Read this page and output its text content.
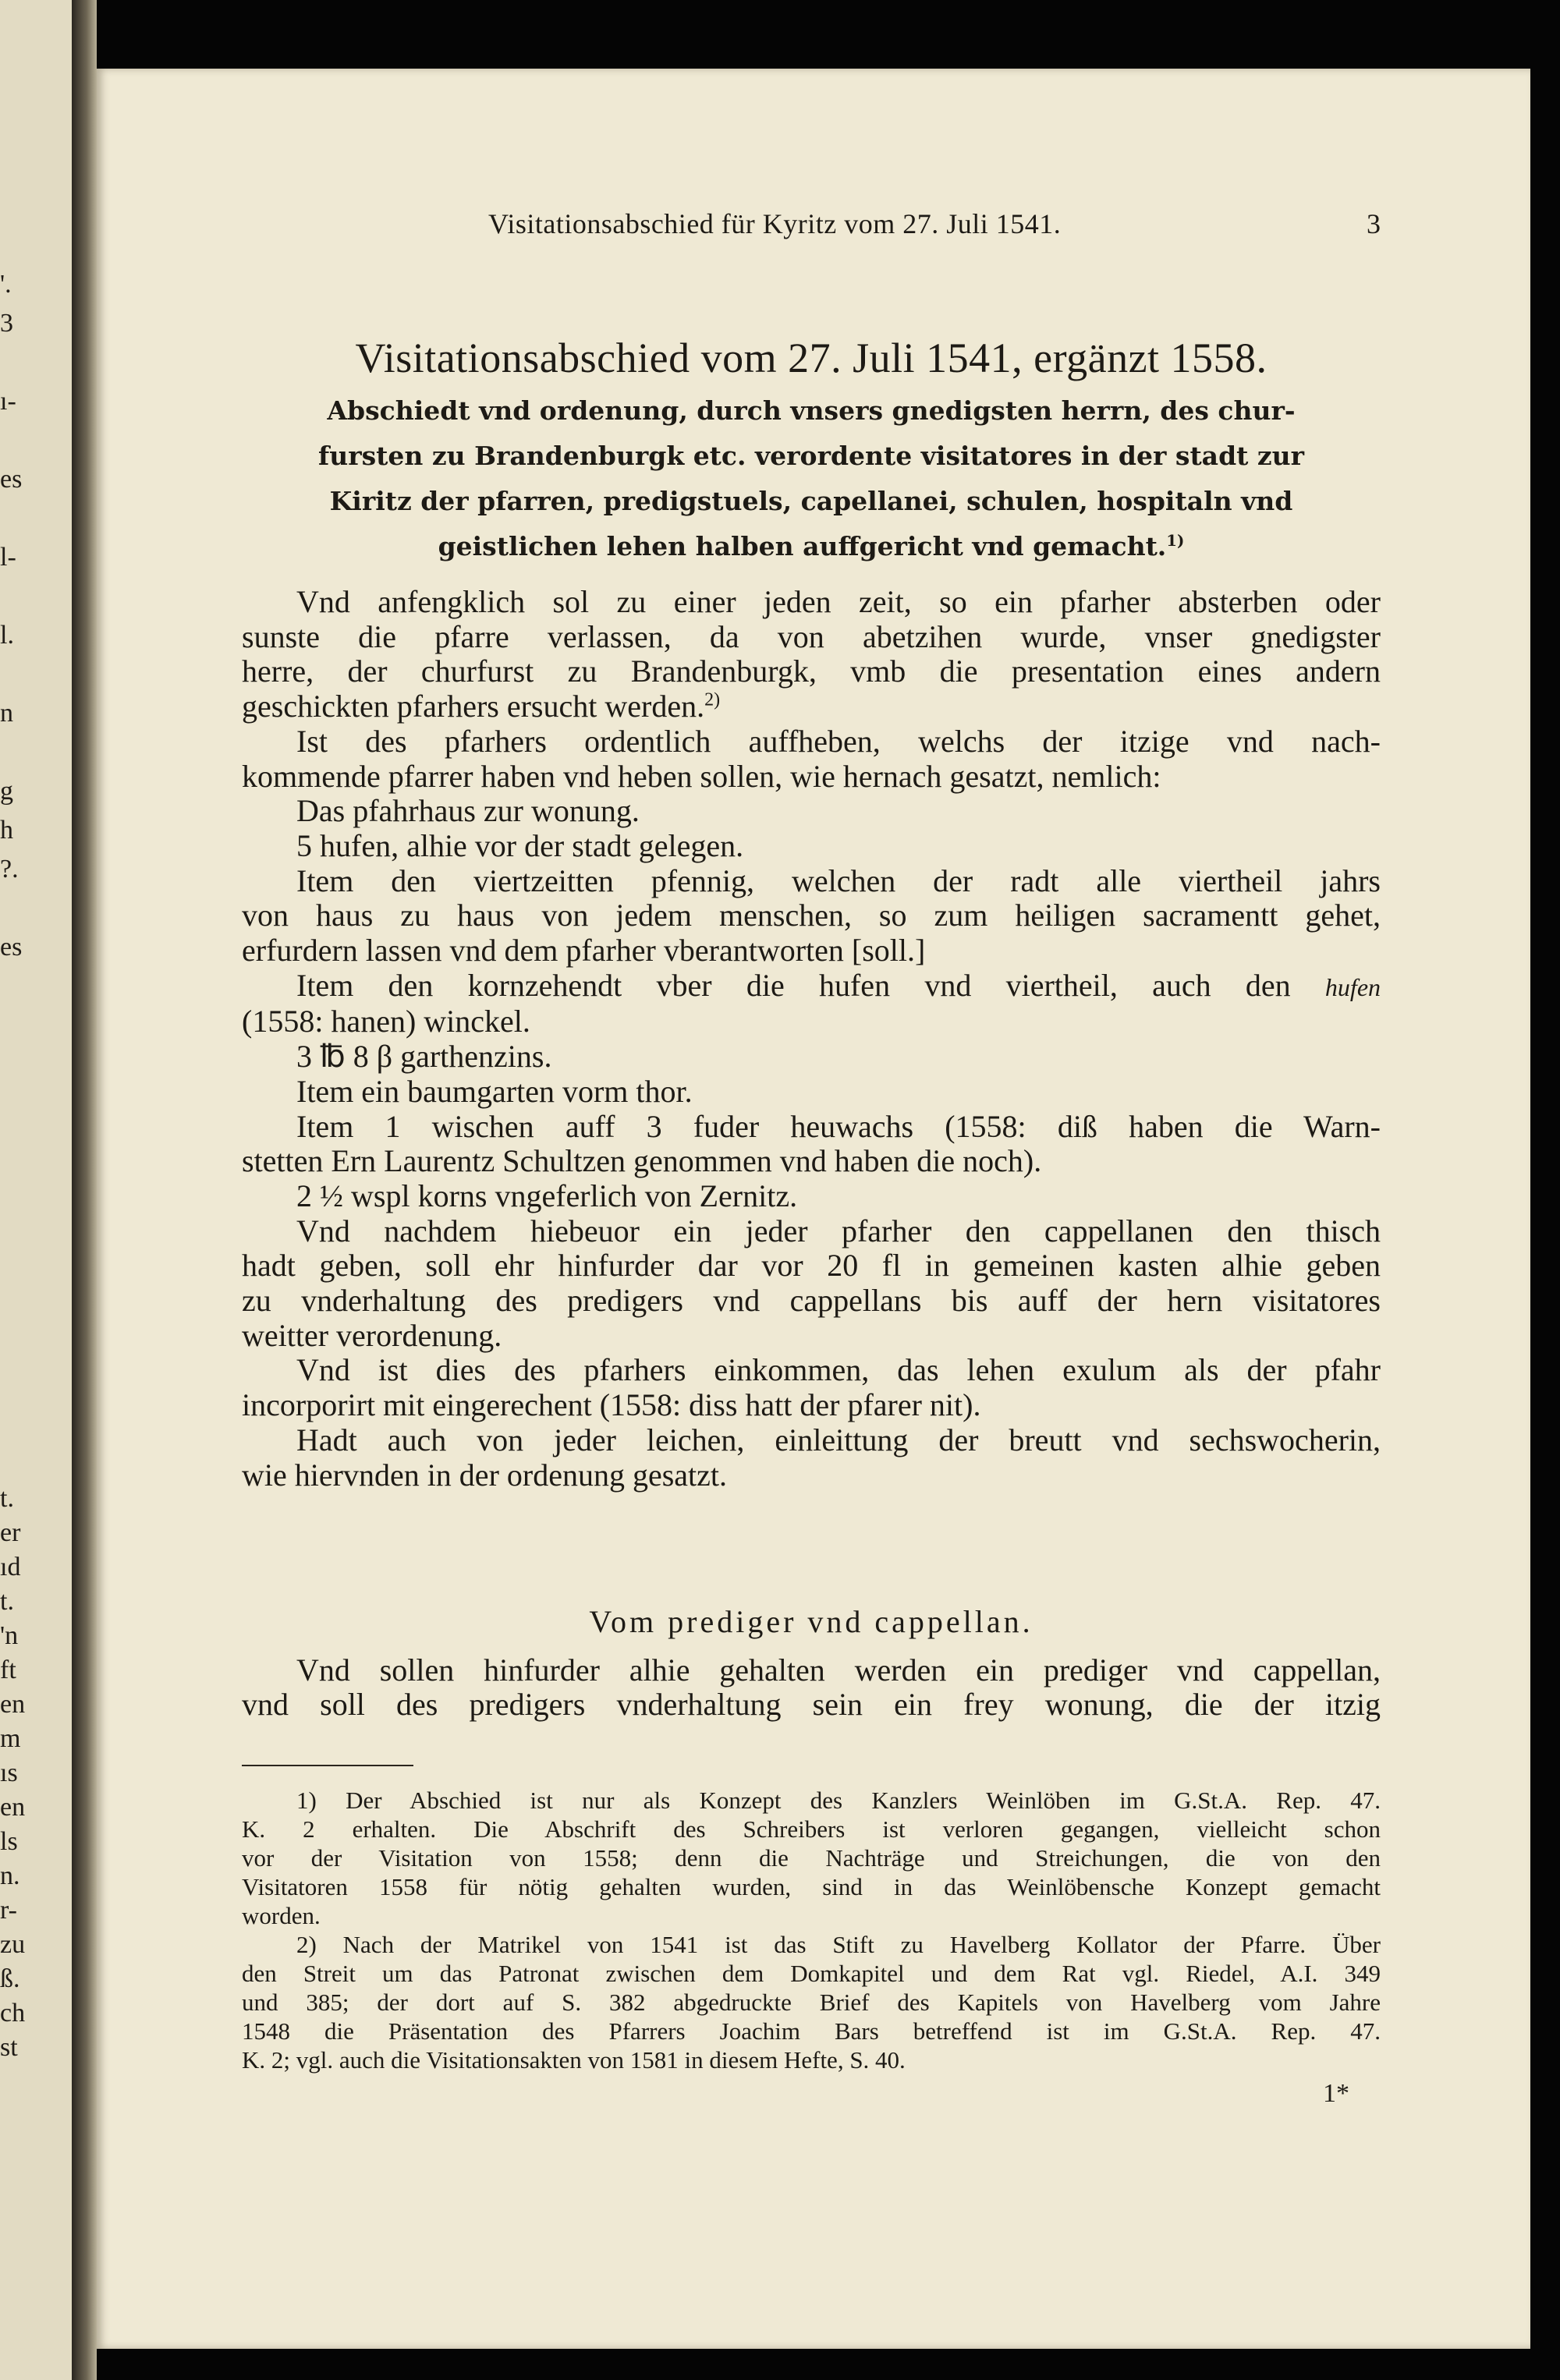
'.
3
ı-
es
l-
l.
n
g
h
?.
es
t.
er
ıd
t.
'n
ft
en
m
ıs
en
ls
n.
r-
zu
ß.
ch
st
Visitationsabschied für Kyritz vom 27. Juli 1541.	3
Visitationsabschied vom 27. Juli 1541, ergänzt 1558.
Abschiedt vnd ordenung, durch vnsers gnedigsten herrn, des chur-
fursten zu Brandenburgk etc. verordente visitatores in der stadt zur
Kiritz der pfarren, predigstuels, capellanei, schulen, hospitaln vnd
geistlichen lehen halben auffgericht vnd gemacht.$^{1)}$
Vnd anfengklich sol zu einer jeden zeit, so ein pfarher absterben oder
sunste die pfarre verlassen, da von abetzihen wurde, vnser gnedigster
herre, der churfurst zu Brandenburgk, vmb die presentation eines andern
geschickten pfarhers ersucht werden.$^{2)}$
Ist des pfarhers ordentlich auffheben, welchs der itzige vnd nach-
kommende pfarrer haben vnd heben sollen, wie hernach gesatzt, nemlich:
Das pfahrhaus zur wonung.
5 hufen, alhie vor der stadt gelegen.
Item den viertzeitten pfennig, welchen der radt alle viertheil jahrs
von haus zu haus von jedem menschen, so zum heiligen sacramentt gehet,
erfurdern lassen vnd dem pfarher vberantworten [soll.]
Item den kornzehendt vber die hufen vnd viertheil, auch den hufen
(1558: hanen) winckel.
3 ℔ 8 β garthenzins.
Item ein baumgarten vorm thor.
Item 1 wischen auff 3 fuder heuwachs (1558: diß haben die Warn-
stetten Ern Laurentz Schultzen genommen vnd haben die noch).
2 ½ wspl korns vngeferlich von Zernitz.
Vnd nachdem hiebeuor ein jeder pfarher den cappellanen den thisch
hadt geben, soll ehr hinfurder dar vor 20 fl in gemeinen kasten alhie geben
zu vnderhaltung des predigers vnd cappellans bis auff der hern visitatores
weitter verordenung.
Vnd ist dies des pfarhers einkommen, das lehen exulum als der pfahr
incorporirt mit eingerechent (1558: diss hatt der pfarer nit).
Hadt auch von jeder leichen, einleittung der breutt vnd sechswocherin,
wie hiervnden in der ordenung gesatzt.
Vom prediger vnd cappellan.
Vnd sollen hinfurder alhie gehalten werden ein prediger vnd cappellan,
vnd soll des predigers vnderhaltung sein ein frey wonung, die der itzig
1) Der Abschied ist nur als Konzept des Kanzlers Weinlöben im G.St.A. Rep. 47.
K. 2 erhalten. Die Abschrift des Schreibers ist verloren gegangen, vielleicht schon
vor der Visitation von 1558; denn die Nachträge und Streichungen, die von den
Visitatoren 1558 für nötig gehalten wurden, sind in das Weinlöbensche Konzept gemacht
worden.
2) Nach der Matrikel von 1541 ist das Stift zu Havelberg Kollator der Pfarre. Über
den Streit um das Patronat zwischen dem Domkapitel und dem Rat vgl. Riedel, A.I. 349
und 385; der dort auf S. 382 abgedruckte Brief des Kapitels von Havelberg vom Jahre
1548 die Präsentation des Pfarrers Joachim Bars betreffend ist im G.St.A. Rep. 47.
K. 2; vgl. auch die Visitationsakten von 1581 in diesem Hefte, S. 40.
1*
